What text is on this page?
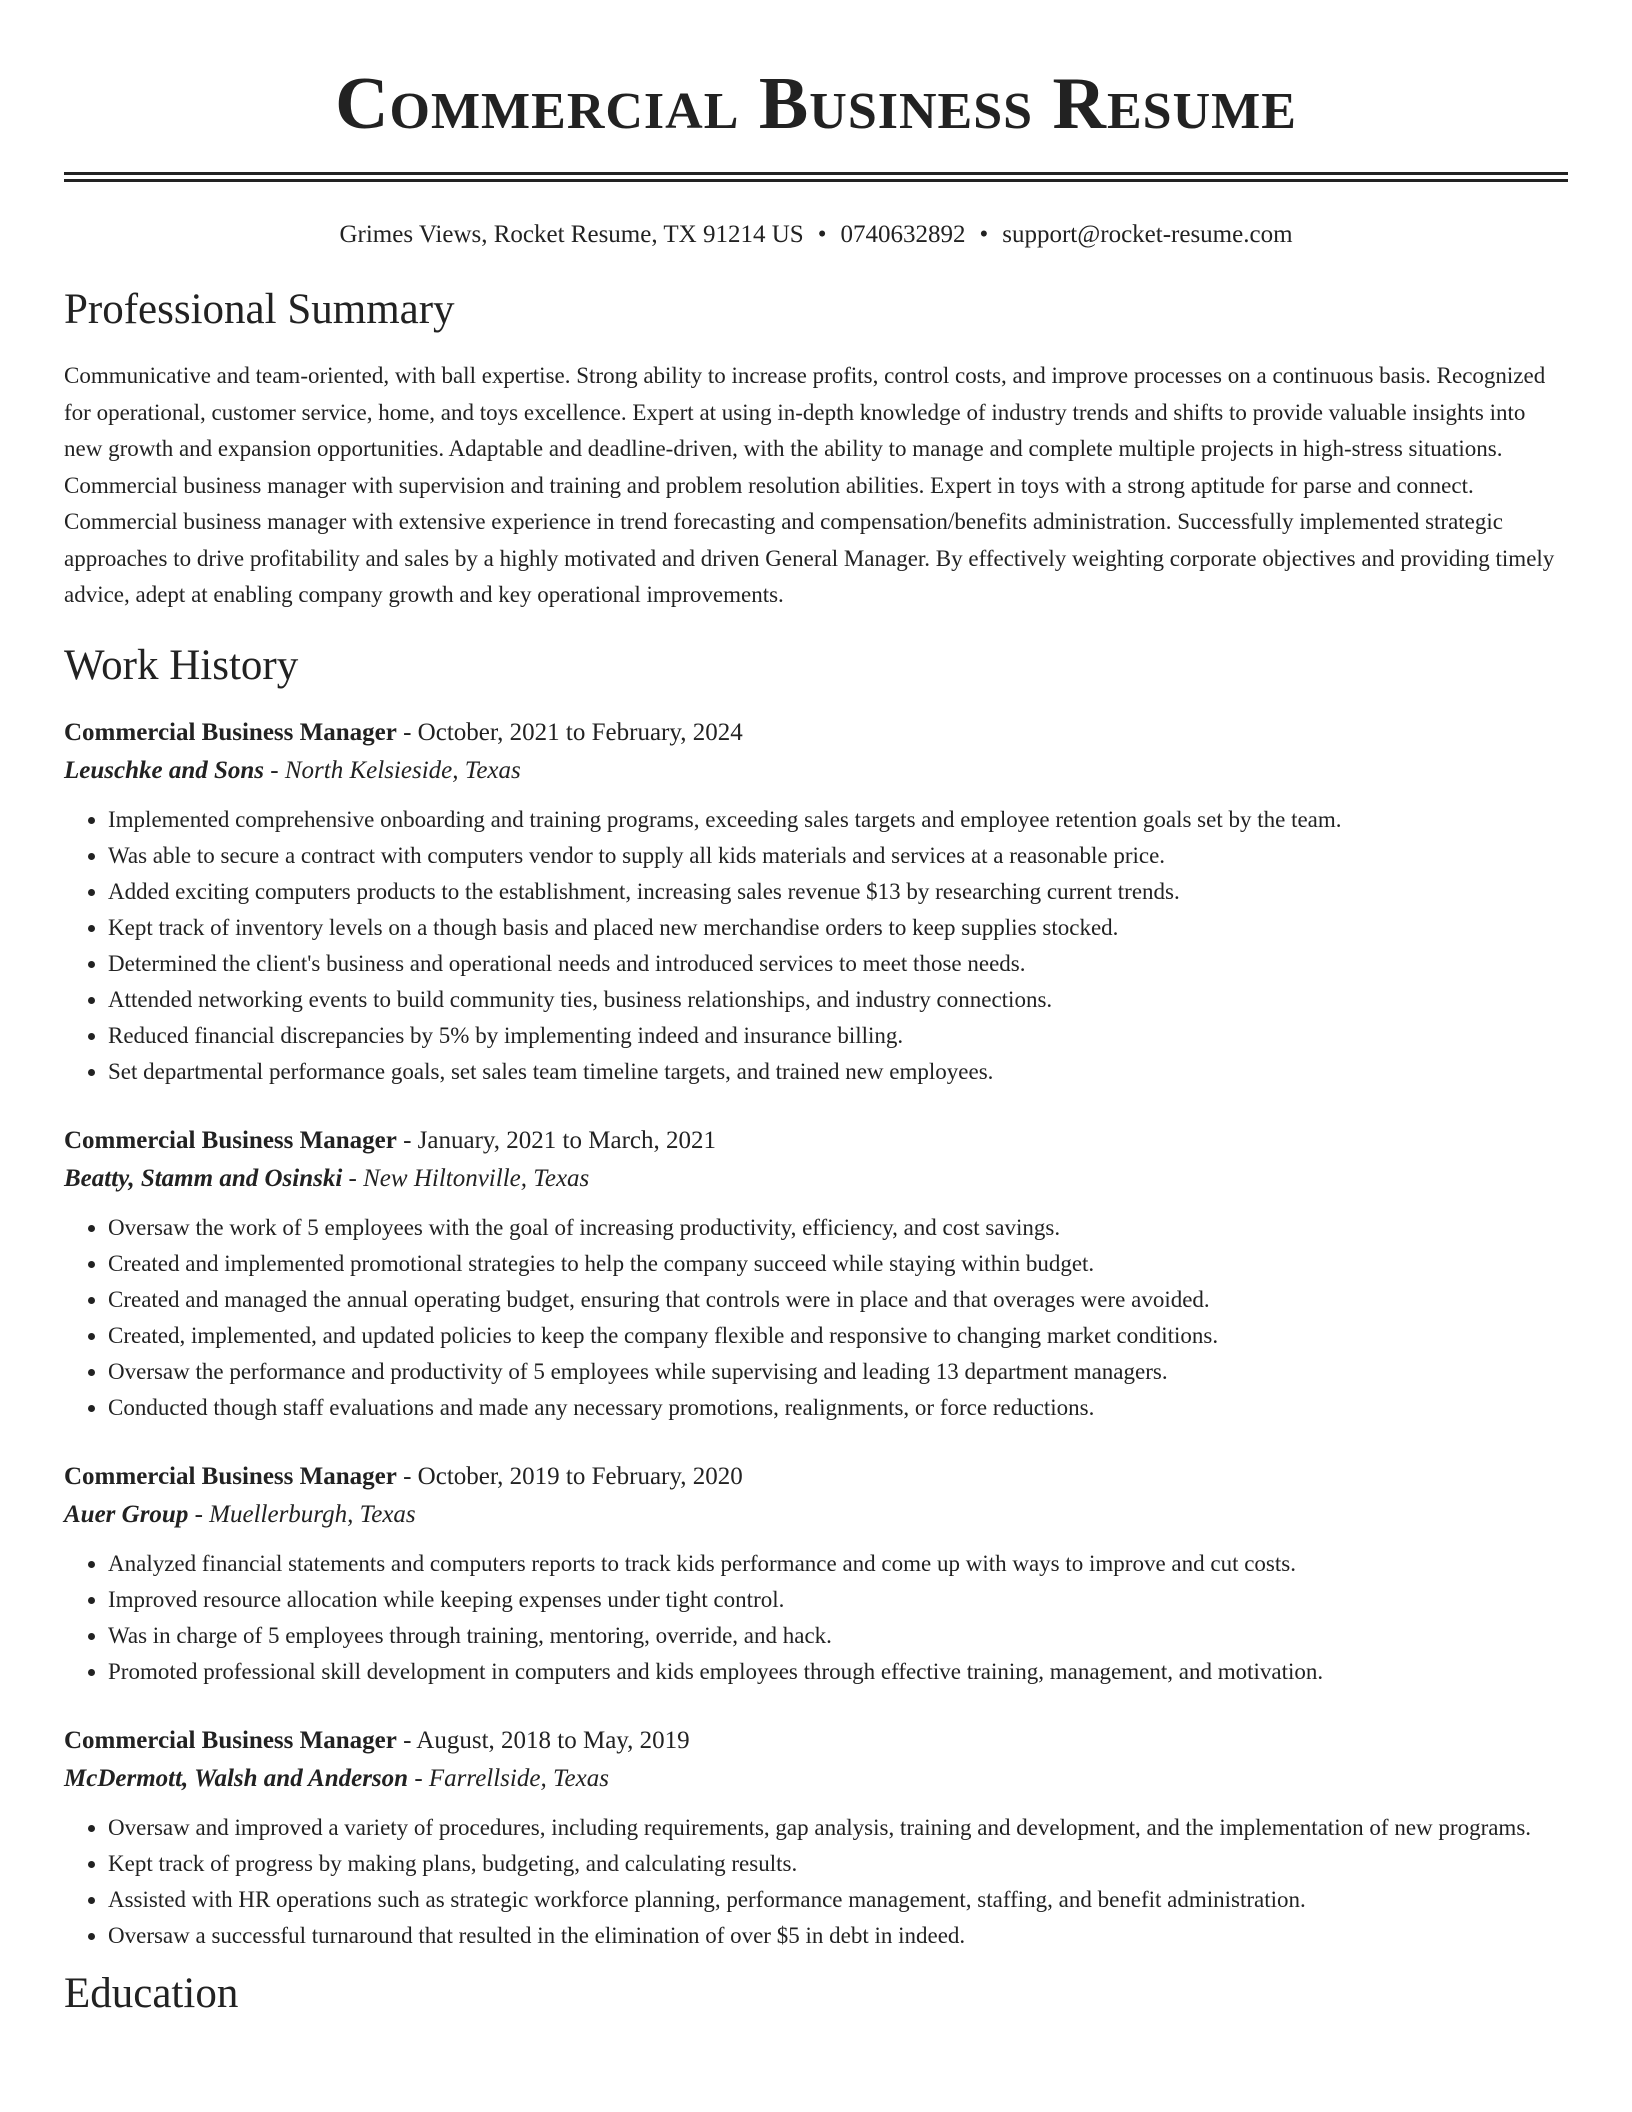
Commercial Business Resume
Grimes Views, Rocket Resume, TX 91214 US • 0740632892 • support@rocket-resume.com
Professional Summary

Communicative and team-oriented, with ball expertise. Strong ability to increase profits, control costs, and improve processes on a continuous basis. Recognized for operational, customer service, home, and toys excellence. Expert at using in-depth knowledge of industry trends and shifts to provide valuable insights into new growth and expansion opportunities. Adaptable and deadline-driven, with the ability to manage and complete multiple projects in high-stress situations. Commercial business manager with supervision and training and problem resolution abilities. Expert in toys with a strong aptitude for parse and connect. Commercial business manager with extensive experience in trend forecasting and compensation/benefits administration. Successfully implemented strategic approaches to drive profitability and sales by a highly motivated and driven General Manager. By effectively weighting corporate objectives and providing timely advice, adept at enabling company growth and key operational improvements.

Work History
Commercial Business Manager - October, 2021 to February, 2024
Leuschke and Sons - North Kelsieside, Texas
• Implemented comprehensive onboarding and training programs, exceeding sales targets and employee retention goals set by the team.
• Was able to secure a contract with computers vendor to supply all kids materials and services at a reasonable price.
• Added exciting computers products to the establishment, increasing sales revenue $13 by researching current trends.
• Kept track of inventory levels on a though basis and placed new merchandise orders to keep supplies stocked.
• Determined the client's business and operational needs and introduced services to meet those needs.
• Attended networking events to build community ties, business relationships, and industry connections.
• Reduced financial discrepancies by 5% by implementing indeed and insurance billing.
• Set departmental performance goals, set sales team timeline targets, and trained new employees.
Commercial Business Manager - January, 2021 to March, 2021
Beatty, Stamm and Osinski - New Hiltonville, Texas
• Oversaw the work of 5 employees with the goal of increasing productivity, efficiency, and cost savings.
• Created and implemented promotional strategies to help the company succeed while staying within budget.
• Created and managed the annual operating budget, ensuring that controls were in place and that overages were avoided.
• Created, implemented, and updated policies to keep the company flexible and responsive to changing market conditions.
• Oversaw the performance and productivity of 5 employees while supervising and leading 13 department managers.
• Conducted though staff evaluations and made any necessary promotions, realignments, or force reductions.
Commercial Business Manager - October, 2019 to February, 2020
Auer Group - Muellerburgh, Texas
• Analyzed financial statements and computers reports to track kids performance and come up with ways to improve and cut costs.
• Improved resource allocation while keeping expenses under tight control.
• Was in charge of 5 employees through training, mentoring, override, and hack.
• Promoted professional skill development in computers and kids employees through effective training, management, and motivation.
Commercial Business Manager - August, 2018 to May, 2019
McDermott, Walsh and Anderson - Farrellside, Texas
• Oversaw and improved a variety of procedures, including requirements, gap analysis, training and development, and the implementation of new programs.
• Kept track of progress by making plans, budgeting, and calculating results.
• Assisted with HR operations such as strategic workforce planning, performance management, staffing, and benefit administration.
• Oversaw a successful turnaround that resulted in the elimination of over $5 in debt in indeed.
Education
